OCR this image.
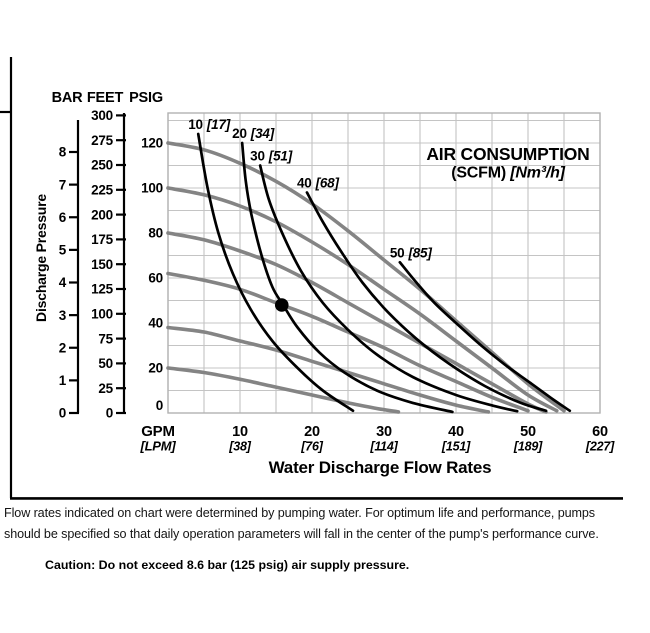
BAR FEET PSIG
8
7
6
5
4
3
2
1
0
300
275
250
225
200
175
150
125
100
75
50
25
0
120
100
80
60
40
20
0
Discharge Pressure
10 [17]
20 [34]
30 [51]
40 [68]
50 [85]
AIR CONSUMPTION
(SCFM) [Nm³/h]
GPM
[LPM]
10
[38]
20
[76]
30
[114]
40
[151]
50
[189]
60
[227]
Water Discharge Flow Rates
Flow rates indicated on chart were determined by pumping water. For optimum life and performance, pumps
should be specified so that daily operation parameters will fall in the center of the pump's performance curve.
Caution: Do not exceed 8.6 bar (125 psig) air supply pressure.
